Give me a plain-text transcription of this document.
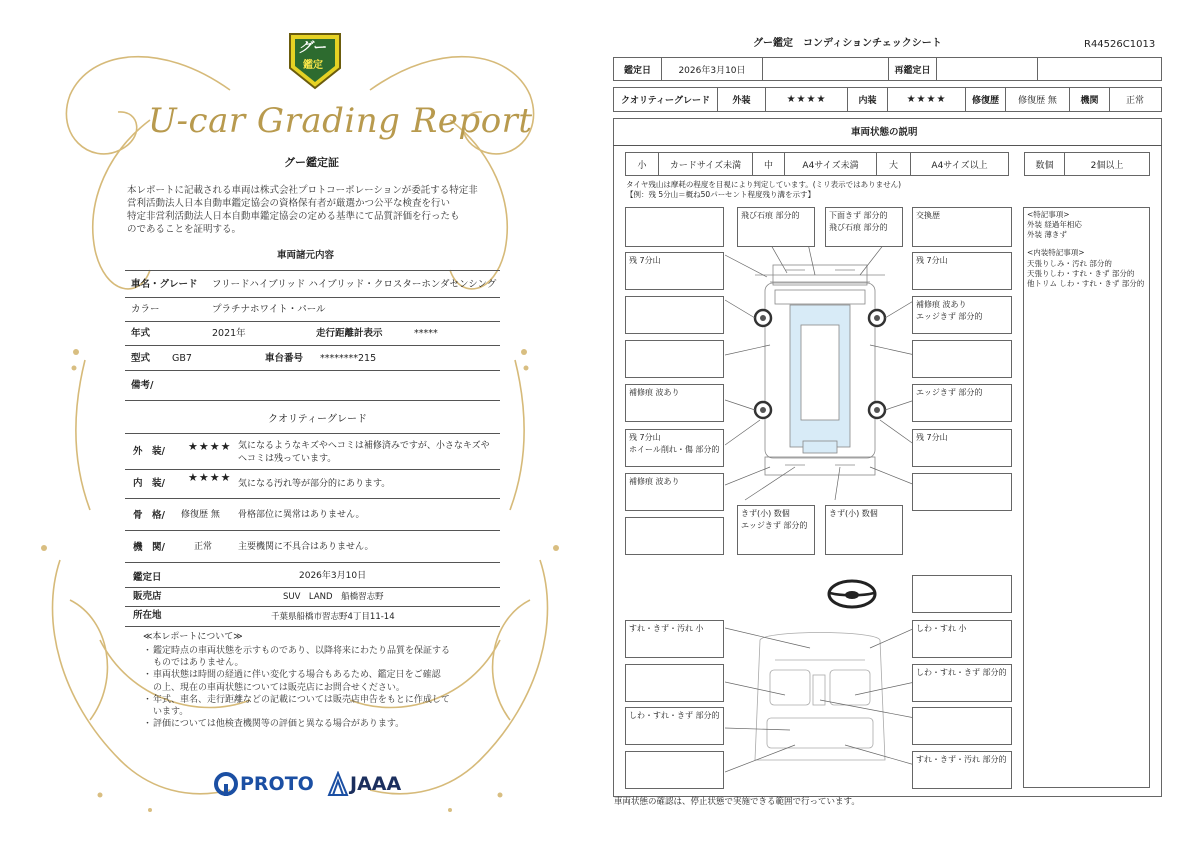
グー
鑑定
U-car Grading Report
グー鑑定証
本レポートに記載される車両は株式会社プロトコーポレーションが委託する特定非
営利活動法人日本自動車鑑定協会の資格保有者が厳選かつ公平な検査を行い
特定非営利活動法人日本自動車鑑定協会の定める基準にて品質評価を行ったも
のであることを証明する。
車両諸元内容
車名・グレード フリードハイブリッド ハイブリッド・クロスターホンダセンシング
カラー	プラチナホワイト・パール
年式	2021年	走行距離計表示	*****
型式 GB7	車台番号 ********215
備考/
クオリティーグレード
外　装/ ★★★★ 気になるようなキズやヘコミは補修済みですが、小さなキズや
ヘコミは残っています。
内　装/ ★★★★ 気になる汚れ等が部分的にあります。
骨　格/ 修復歴 無 骨格部位に異常はありません。
機　関/	正常	主要機関に不具合はありません。
鑑定日	2026年3月10日
販売店	SUV　LAND　船橋習志野
所在地	千葉県船橋市習志野4丁目11-14
≪本レポートについて≫
・ 鑑定時点の車両状態を示すものであり、以降将来にわたり品質を保証する
ものではありません。
・ 車両状態は時間の経過に伴い変化する場合もあるため、鑑定日をご確認
の上、現在の車両状態については販売店にお問合せください。
・ 年式、車名、走行距離などの記載については販売店申告をもとに作成して
います。
・ 評価については他検査機関等の評価と異なる場合があります。
PROTO JAAA
グー鑑定　コンディションチェックシート	R44526C1013
鑑定日	2026年3月10日	再鑑定日
クオリティーグレード	外装	★★★★	内装	★★★★	修復歴	修復歴 無	機関	正常
車両状態の説明
小	カードサイズ未満	中	A4サイズ未満	大	A4サイズ以上	数個	2個以上
タイヤ残山は摩耗の程度を目視により判定しています。(ミリ表示ではありません)
【例：残 5分山＝概ね50パーセント程度残り溝を示す】
飛び石痕 部分的	下面きず 部分的
飛び石痕 部分的
交換歴
残 7分山	残 7分山
補修痕 波あり
エッジきず 部分的
補修痕 波あり	エッジきず 部分的
残 7分山
ホイール削れ・傷 部分的
残 7分山
補修痕 波あり
きず(小) 数個
エッジきず 部分的
きず(小) 数個
すれ・きず・汚れ 小	しわ・すれ 小
しわ・すれ・きず 部分的
しわ・すれ・きず 部分的
すれ・きず・汚れ 部分的
<特記事項>
外装 経過年相応
外装 薄きず
<内装特記事項>
天張りしみ・汚れ 部分的
天張りしわ・すれ・きず 部分的
他トリム しわ・すれ・きず 部分的
車両状態の確認は、停止状態で実施できる範囲で行っています。
